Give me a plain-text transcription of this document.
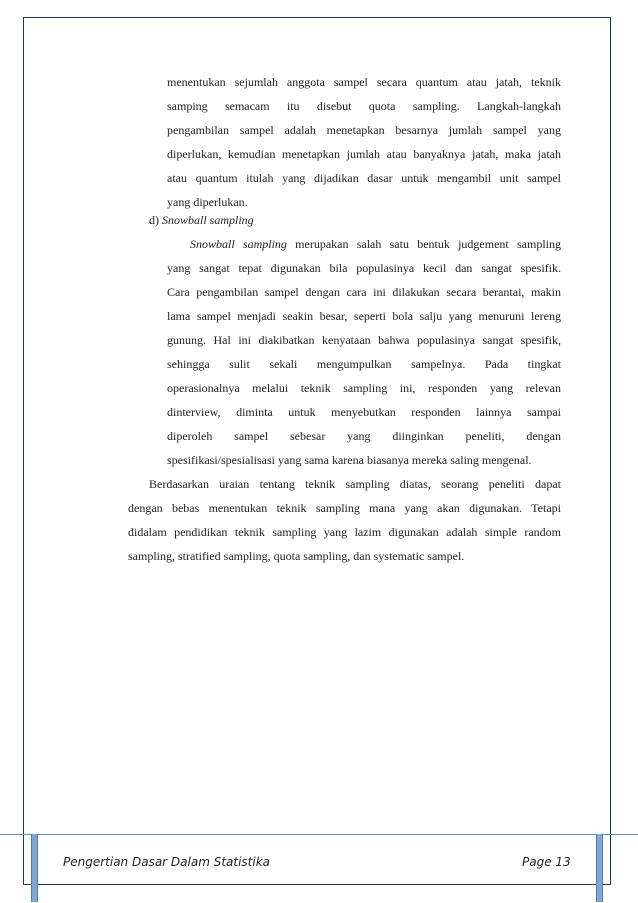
menentukan sejumlah anggota sampel secara quantum atau jatah, teknik
samping semacam itu disebut quota sampling. Langkah-langkah
pengambilan sampel adalah menetapkan besarnya jumlah sampel yang
diperlukan, kemudian menetapkan jumlah atau banyaknya jatah, maka jatah
atau quantum itulah yang dijadikan dasar untuk mengambil unit sampel
yang diperlukan.
d) Snowball sampling
Snowball sampling merupakan salah satu bentuk judgement sampling
yang sangat tepat digunakan bila populasinya kecil dan sangat spesifik.
Cara pengambilan sampel dengan cara ini dilakukan secara berantai, makin
lama sampel menjadi seakin besar, seperti bola salju yang menuruni lereng
gunung. Hal ini diakibatkan kenyataan bahwa populasinya sangat spesifik,
sehingga sulit sekali mengumpulkan sampelnya. Pada tingkat
operasionalnya melalui teknik sampling ini, responden yang relevan
dinterview, diminta untuk menyebutkan responden lainnya sampai
diperoleh sampel sebesar yang diinginkan peneliti, dengan
spesifikasi/spesialisasi yang sama karena biasanya mereka saling mengenal.
Berdasarkan uraian tentang teknik sampling diatas, seorang peneliti dapat
dengan bebas menentukan teknik sampling mana yang akan digunakan. Tetapi
didalam pendidikan teknik sampling yang lazim digunakan adalah simple random
sampling, stratified sampling, quota sampling, dan systematic sampel.
Pengertian Dasar Dalam Statistika	Page 13
